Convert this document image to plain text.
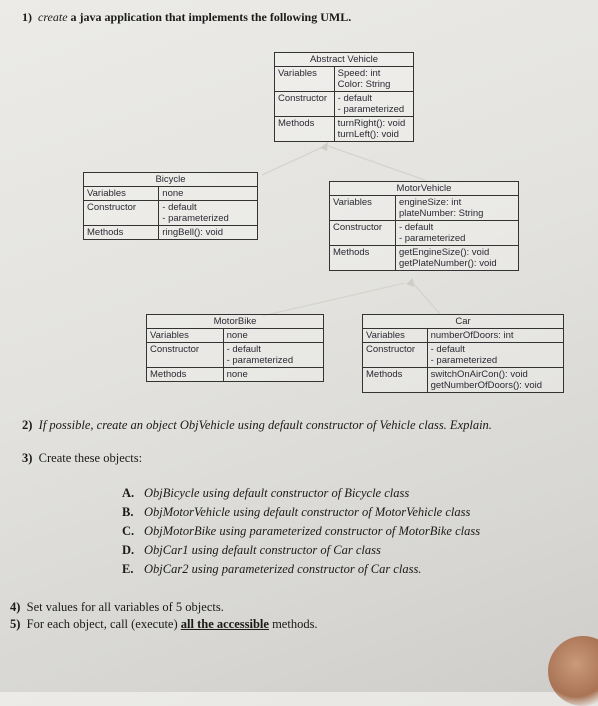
1) create a java application that implements the following UML.
Abstract Vehicle	
Variables	Speed: int
Color: String

Constructor	- default
- parameterized

Methods	turnRight(): void
turnLeft(): void
Bicycle	
Variables	none

Constructor	- default
- parameterized

Methods	ringBell(): void
MotorVehicle	
Variables	engineSize: int
plateNumber: String

Constructor	- default
- parameterized

Methods	getEngineSize(): void
getPlateNumber(): void
MotorBike	
Variables	none

Constructor	- default
- parameterized

Methods	none
Car	
Variables	numberOfDoors: int

Constructor	- default
- parameterized

Methods	switchOnAirCon(): void
getNumberOfDoors(): void
2) If possible, create an object ObjVehicle using default constructor of Vehicle class. Explain.
3) Create these objects:
A. ObjBicycle using default constructor of Bicycle class
B. ObjMotorVehicle using default constructor of MotorVehicle class
C. ObjMotorBike using parameterized constructor of MotorBike class
D. ObjCar1 using default constructor of Car class
E. ObjCar2 using parameterized constructor of Car class.
4) Set values for all variables of 5 objects.
5) For each object, call (execute) all the accessible methods.
